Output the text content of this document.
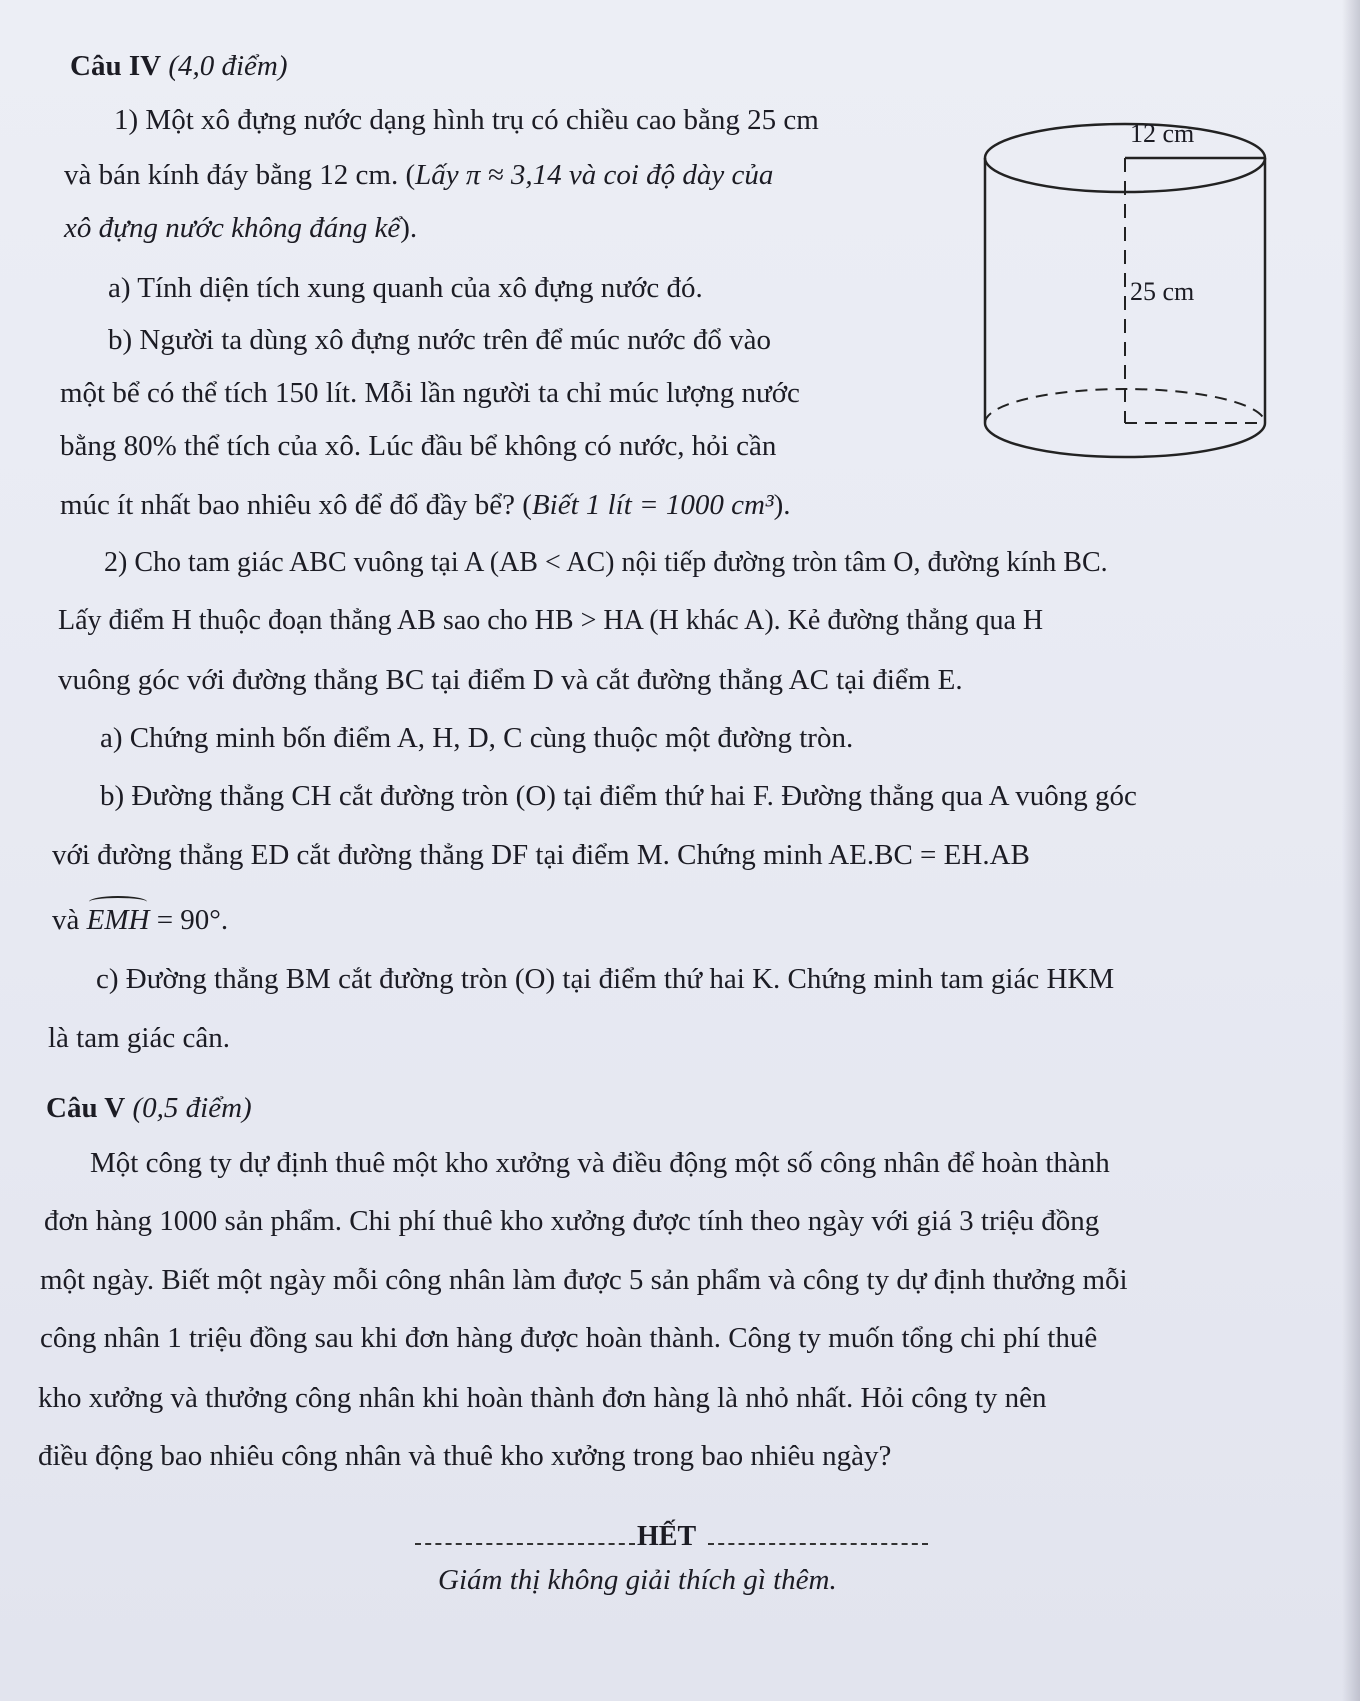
Câu IV (4,0 điểm)
1) Một xô đựng nước dạng hình trụ có chiều cao bằng 25 cm
và bán kính đáy bằng 12 cm. (Lấy π ≈ 3,14 và coi độ dày của
xô đựng nước không đáng kể).
a) Tính diện tích xung quanh của xô đựng nước đó.
b) Người ta dùng xô đựng nước trên để múc nước đổ vào
một bể có thể tích 150 lít. Mỗi lần người ta chỉ múc lượng nước
bằng 80% thể tích của xô. Lúc đầu bể không có nước, hỏi cần
múc ít nhất bao nhiêu xô để đổ đầy bể? (Biết 1 lít = 1000 cm³).
12 cm
25 cm
2) Cho tam giác ABC vuông tại A (AB < AC) nội tiếp đường tròn tâm O, đường kính BC.
Lấy điểm H thuộc đoạn thẳng AB sao cho HB > HA (H khác A). Kẻ đường thẳng qua H
vuông góc với đường thẳng BC tại điểm D và cắt đường thẳng AC tại điểm E.
a) Chứng minh bốn điểm A, H, D, C cùng thuộc một đường tròn.
b) Đường thẳng CH cắt đường tròn (O) tại điểm thứ hai F. Đường thẳng qua A vuông góc
với đường thẳng ED cắt đường thẳng DF tại điểm M. Chứng minh AE.BC = EH.AB
và EMH = 90°.
c) Đường thẳng BM cắt đường tròn (O) tại điểm thứ hai K. Chứng minh tam giác HKM
là tam giác cân.
Câu V (0,5 điểm)
Một công ty dự định thuê một kho xưởng và điều động một số công nhân để hoàn thành
đơn hàng 1000 sản phẩm. Chi phí thuê kho xưởng được tính theo ngày với giá 3 triệu đồng
một ngày. Biết một ngày mỗi công nhân làm được 5 sản phẩm và công ty dự định thưởng mỗi
công nhân 1 triệu đồng sau khi đơn hàng được hoàn thành. Công ty muốn tổng chi phí thuê
kho xưởng và thưởng công nhân khi hoàn thành đơn hàng là nhỏ nhất. Hỏi công ty nên
điều động bao nhiêu công nhân và thuê kho xưởng trong bao nhiêu ngày?
HẾT
Giám thị không giải thích gì thêm.
